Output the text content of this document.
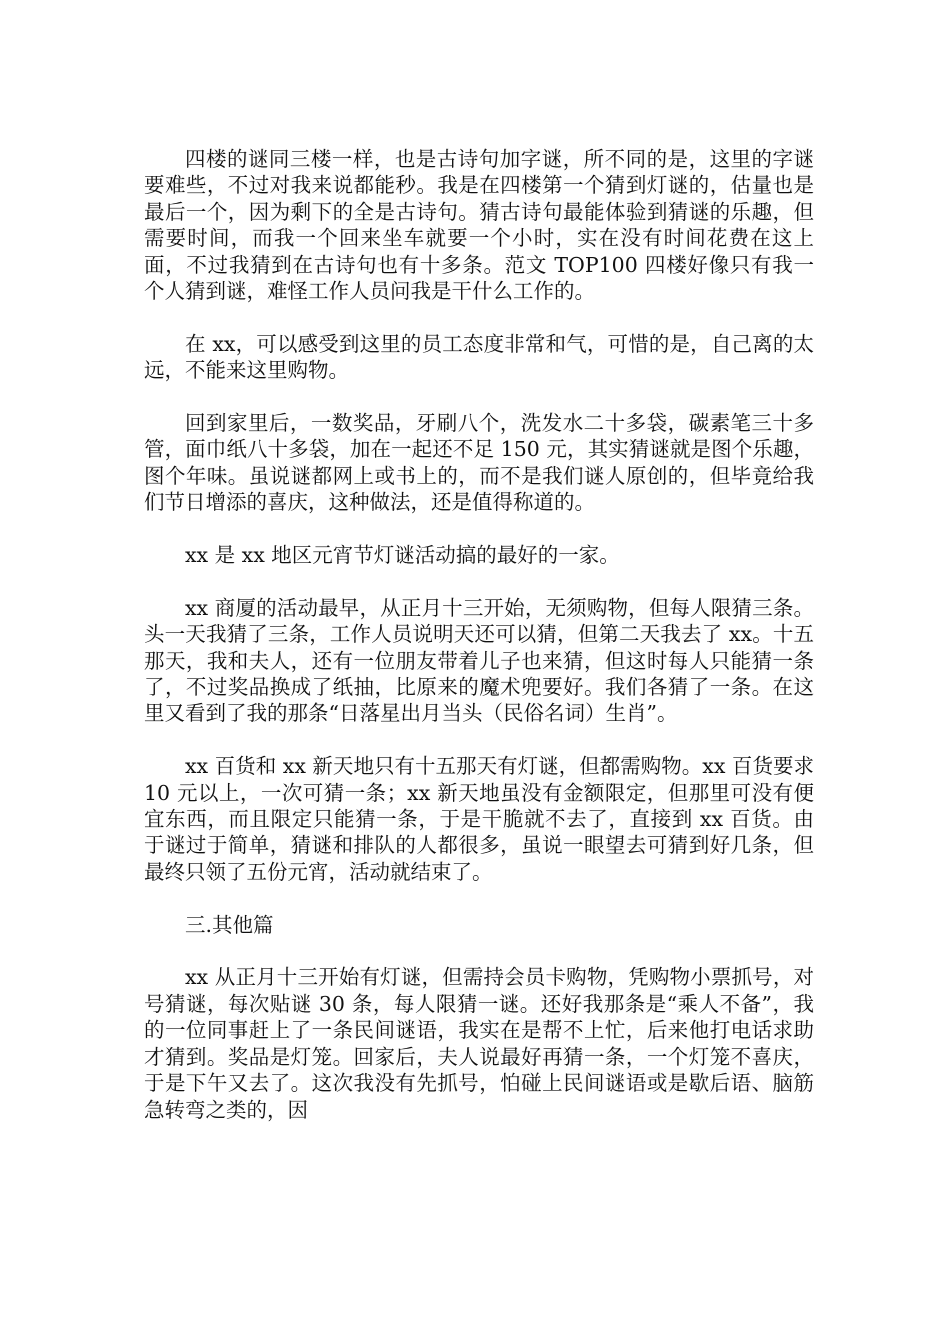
四楼的谜同三楼一样，也是古诗句加字谜，所不同的是，这里的字谜要难些，不过对我来说都能秒。我是在四楼第一个猜到灯谜的，估量也是最后一个，因为剩下的全是古诗句。猜古诗句最能体验到猜谜的乐趣，但需要时间，而我一个回来坐车就要一个小时，实在没有时间花费在这上面，不过我猜到在古诗句也有十多条。范文 TOP100 四楼好像只有我一个人猜到谜，难怪工作人员问我是干什么工作的。

在 xx，可以感受到这里的员工态度非常和气，可惜的是，自己离的太远，不能来这里购物。

回到家里后，一数奖品，牙刷八个，洗发水二十多袋，碳素笔三十多管，面巾纸八十多袋，加在一起还不足 150 元，其实猜谜就是图个乐趣，图个年味。虽说谜都网上或书上的，而不是我们谜人原创的，但毕竟给我们节日增添的喜庆，这种做法，还是值得称道的。

xx 是 xx 地区元宵节灯谜活动搞的最好的一家。

xx 商厦的活动最早，从正月十三开始，无须购物，但每人限猜三条。头一天我猜了三条，工作人员说明天还可以猜，但第二天我去了 xx。十五那天，我和夫人，还有一位朋友带着儿子也来猜，但这时每人只能猜一条了，不过奖品换成了纸抽，比原来的魔术兜要好。我们各猜了一条。在这里又看到了我的那条“日落星出月当头（民俗名词）生肖”。

xx 百货和 xx 新天地只有十五那天有灯谜，但都需购物。xx 百货要求 10 元以上，一次可猜一条；xx 新天地虽没有金额限定，但那里可没有便宜东西，而且限定只能猜一条，于是干脆就不去了，直接到 xx 百货。由于谜过于简单，猜谜和排队的人都很多，虽说一眼望去可猜到好几条，但最终只领了五份元宵，活动就结束了。

三.其他篇

xx 从正月十三开始有灯谜，但需持会员卡购物，凭购物小票抓号，对号猜谜，每次贴谜 30 条，每人限猜一谜。还好我那条是“乘人不备”，我的一位同事赶上了一条民间谜语，我实在是帮不上忙，后来他打电话求助才猜到。奖品是灯笼。回家后，夫人说最好再猜一条，一个灯笼不喜庆，于是下午又去了。这次我没有先抓号，怕碰上民间谜语或是歇后语、脑筋急转弯之类的，因
